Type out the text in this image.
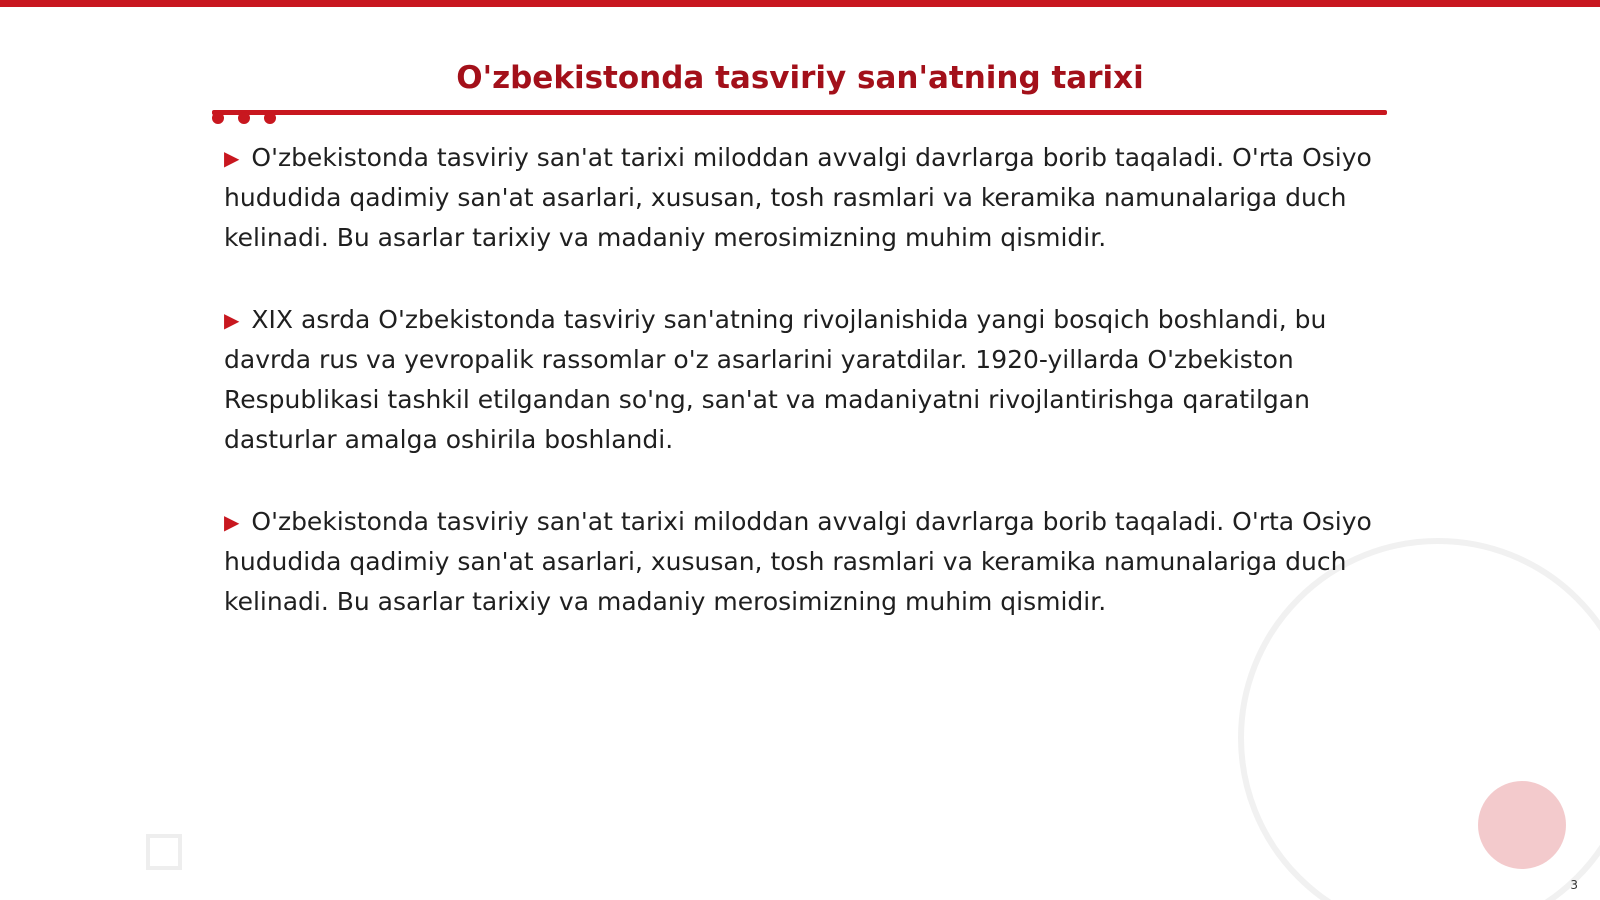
O'zbekistonda tasviriy san'atning tarixi

▶ O'zbekistonda tasviriy san'at tarixi miloddan avvalgi davrlarga borib taqaladi. O'rta Osiyo hududida qadimiy san'at asarlari, xususan, tosh rasmlari va keramika namunalariga duch kelinadi. Bu asarlar tarixiy va madaniy merosimizning muhim qismidir.

▶ XIX asrda O'zbekistonda tasviriy san'atning rivojlanishida yangi bosqich boshlandi, bu davrda rus va yevropalik rassomlar o'z asarlarini yaratdilar. 1920-yillarda O'zbekiston Respublikasi tashkil etilgandan so'ng, san'at va madaniyatni rivojlantirishga qaratilgan dasturlar amalga oshirila boshlandi.

▶ O'zbekistonda tasviriy san'at tarixi miloddan avvalgi davrlarga borib taqaladi. O'rta Osiyo hududida qadimiy san'at asarlari, xususan, tosh rasmlari va keramika namunalariga duch kelinadi. Bu asarlar tarixiy va madaniy merosimizning muhim qismidir.

3
